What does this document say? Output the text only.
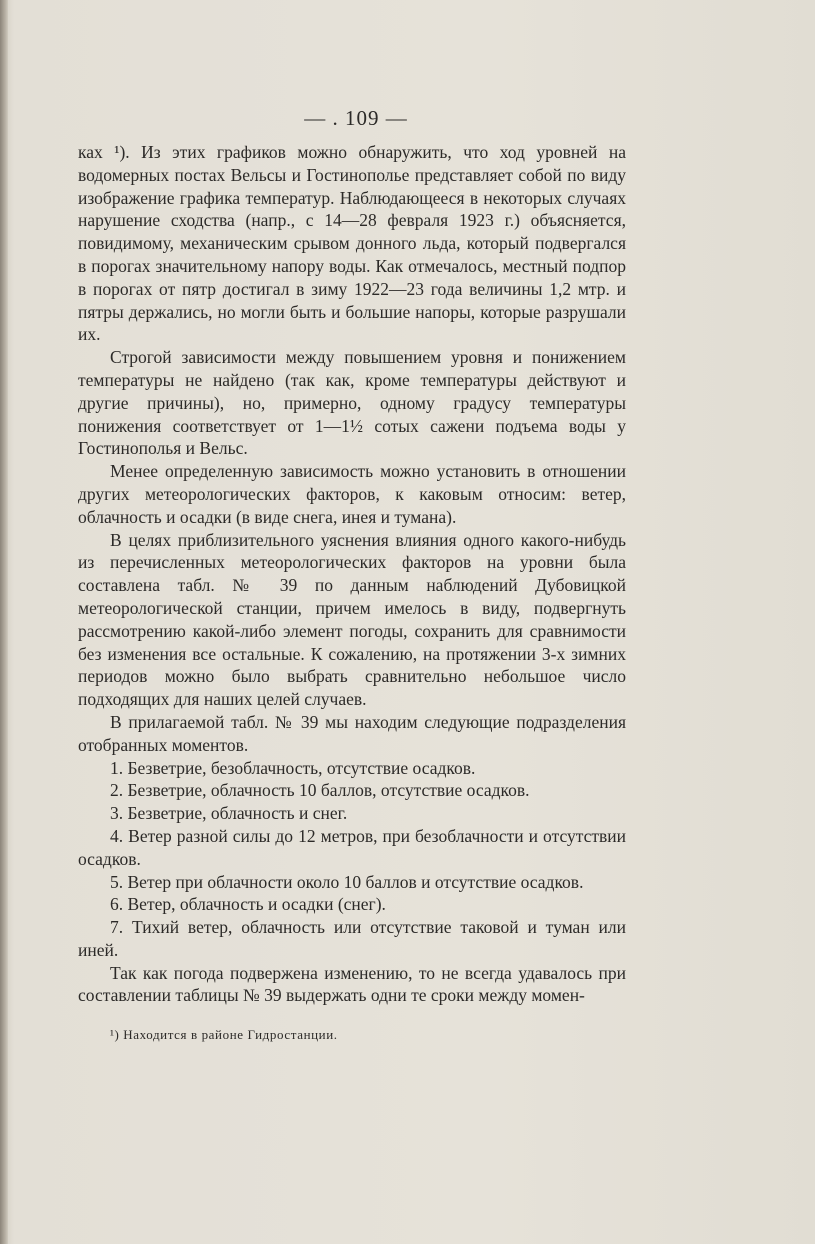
— . 109 —

ках ¹). Из этих графиков можно обнаружить, что ход уровней на водомерных постах Вельсы и Гостинополье представляет собой по виду изображение графика температур. Наблюдающееся в некоторых случаях нарушение сходства (напр., с 14—28 февраля 1923 г.) объясняется, повидимому, механическим срывом донного льда, который подвергался в порогах значительному напору воды. Как отмечалось, местный подпор в порогах от пятр достигал в зиму 1922—23 года величины 1,2 мтр. и пятры держались, но могли быть и большие напоры, которые разрушали их.

Строгой зависимости между повышением уровня и понижением температуры не найдено (так как, кроме температуры действуют и другие причины), но, примерно, одному градусу температуры понижения соответствует от 1—1½ сотых сажени подъема воды у Гостинополья и Вельс.

Менее определенную зависимость можно установить в отношении других метеорологических факторов, к каковым относим: ветер, облачность и осадки (в виде снега, инея и тумана).

В целях приблизительного уяснения влияния одного какого-нибудь из перечисленных метеорологических факторов на уровни была составлена табл. № 39 по данным наблюдений Дубовицкой метеорологической станции, причем имелось в виду, подвергнуть рассмотрению какой-либо элемент погоды, сохранить для сравнимости без изменения все остальные. К сожалению, на протяжении 3-х зимних периодов можно было выбрать сравнительно небольшое число подходящих для наших целей случаев.

В прилагаемой табл. № 39 мы находим следующие подразделения отобранных моментов.

1. Безветрие, безоблачность, отсутствие осадков.

2. Безветрие, облачность 10 баллов, отсутствие осадков.

3. Безветрие, облачность и снег.

4. Ветер разной силы до 12 метров, при безоблачности и отсутствии осадков.

5. Ветер при облачности около 10 баллов и отсутствие осадков.

6. Ветер, облачность и осадки (снег).

7. Тихий ветер, облачность или отсутствие таковой и туман или иней.

Так как погода подвержена изменению, то не всегда удавалось при составлении таблицы № 39 выдержать одни те сроки между момен-

¹) Находится в районе Гидростанции.
